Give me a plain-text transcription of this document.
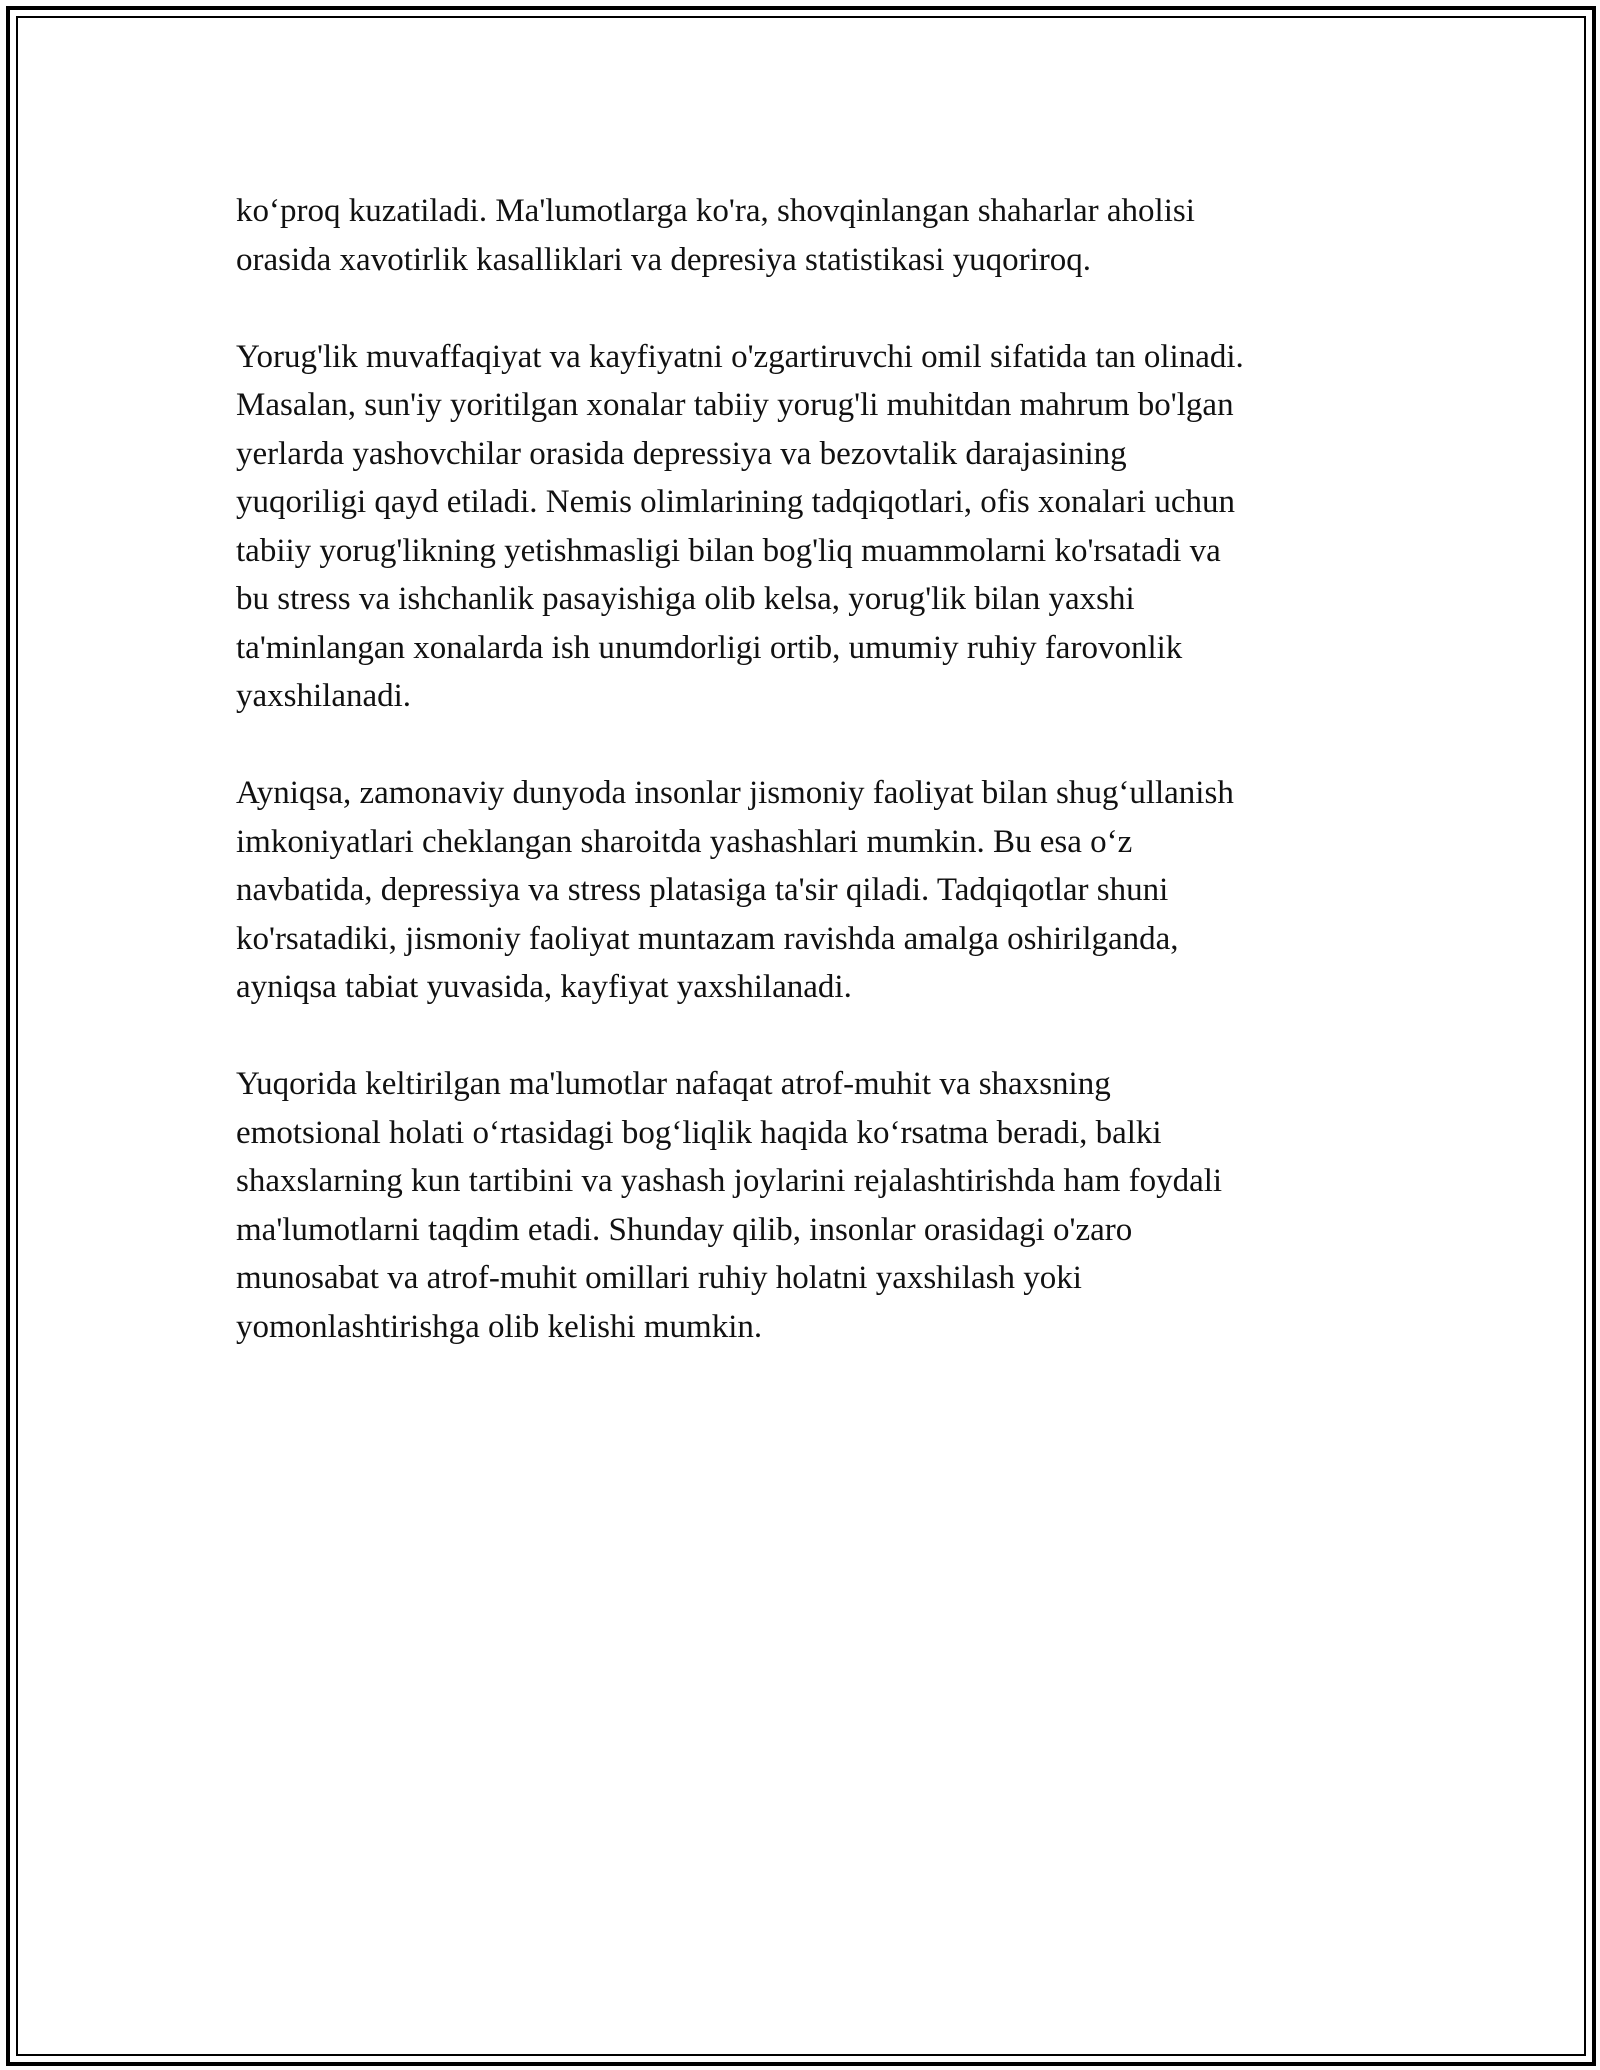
ko‘proq kuzatiladi. Ma'lumotlarga ko'ra, shovqinlangan shaharlar aholisi
orasida xavotirlik kasalliklari va depresiya statistikasi yuqoriroq.

Yorug'lik muvaffaqiyat va kayfiyatni o'zgartiruvchi omil sifatida tan olinadi.
Masalan, sun'iy yoritilgan xonalar tabiiy yorug'li muhitdan mahrum bo'lgan
yerlarda yashovchilar orasida depressiya va bezovtalik darajasining
yuqoriligi qayd etiladi. Nemis olimlarining tadqiqotlari, ofis xonalari uchun
tabiiy yorug'likning yetishmasligi bilan bog'liq muammolarni ko'rsatadi va
bu stress va ishchanlik pasayishiga olib kelsa, yorug'lik bilan yaxshi
ta'minlangan xonalarda ish unumdorligi ortib, umumiy ruhiy farovonlik
yaxshilanadi.

Ayniqsa, zamonaviy dunyoda insonlar jismoniy faoliyat bilan shug‘ullanish
imkoniyatlari cheklangan sharoitda yashashlari mumkin. Bu esa o‘z
navbatida, depressiya va stress platasiga ta'sir qiladi. Tadqiqotlar shuni
ko'rsatadiki, jismoniy faoliyat muntazam ravishda amalga oshirilganda,
ayniqsa tabiat yuvasida, kayfiyat yaxshilanadi.

Yuqorida keltirilgan ma'lumotlar nafaqat atrof-muhit va shaxsning
emotsional holati o‘rtasidagi bog‘liqlik haqida ko‘rsatma beradi, balki
shaxslarning kun tartibini va yashash joylarini rejalashtirishda ham foydali
ma'lumotlarni taqdim etadi. Shunday qilib, insonlar orasidagi o'zaro
munosabat va atrof-muhit omillari ruhiy holatni yaxshilash yoki
yomonlashtirishga olib kelishi mumkin.
